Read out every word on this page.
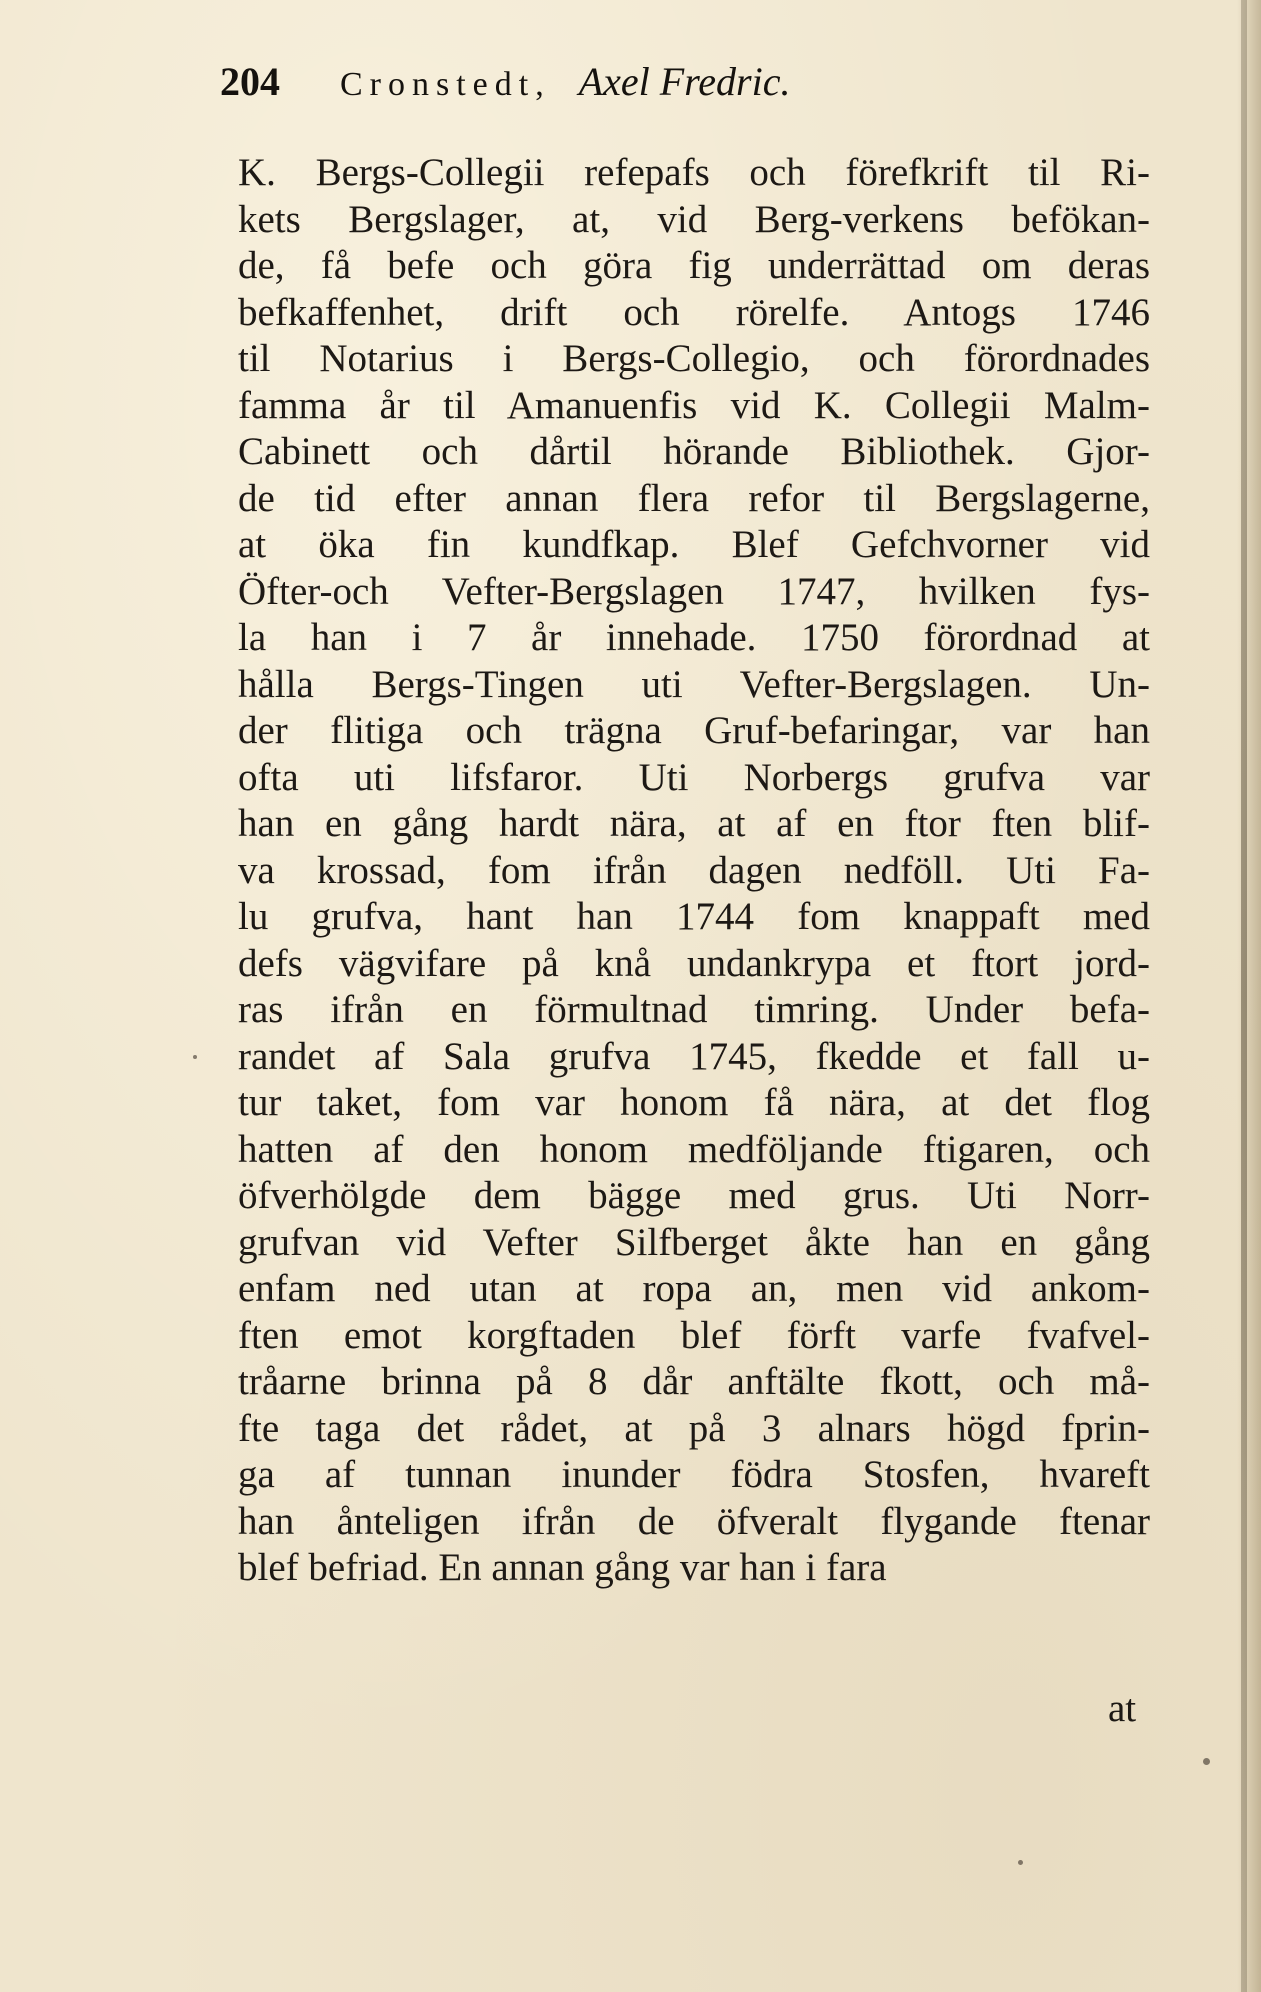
204 Cronstedt, Axel Fredric.
K. Bergs-Collegii refepafs och förefkrift til Ri-
kets Bergslager, at, vid Berg-verkens befökan-
de, få befe och göra fig underrättad om deras
befkaffenhet, drift och rörelfe. Antogs 1746
til Notarius i Bergs-Collegio, och förordnades
famma år til Amanuenfis vid K. Collegii Malm-
Cabinett och dårtil hörande Bibliothek. Gjor-
de tid efter annan flera refor til Bergslagerne,
at öka fin kundfkap. Blef Gefchvorner vid
Öfter-och Vefter-Bergslagen 1747, hvilken fys-
la han i 7 år innehade. 1750 förordnad at
hålla Bergs-Tingen uti Vefter-Bergslagen. Un-
der flitiga och trägna Gruf-befaringar, var han
ofta uti lifsfaror. Uti Norbergs grufva var
han en gång hardt nära, at af en ftor ften blif-
va krossad, fom ifrån dagen nedföll. Uti Fa-
lu grufva, hant han 1744 fom knappaft med
defs vägvifare på knå undankrypa et ftort jord-
ras ifrån en förmultnad timring. Under befa-
randet af Sala grufva 1745, fkedde et fall u-
tur taket, fom var honom få nära, at det flog
hatten af den honom medföljande ftigaren, och
öfverhölgde dem bägge med grus. Uti Norr-
grufvan vid Vefter Silfberget åkte han en gång
enfam ned utan at ropa an, men vid ankom-
ften emot korgftaden blef förft varfe fvafvel-
tråarne brinna på 8 dår anftälte fkott, och må-
fte taga det rådet, at på 3 alnars högd fprin-
ga af tunnan inunder födra Stosfen, hvareft
han ånteligen ifrån de öfveralt flygande ftenar
blef befriad. En annan gång var han i fara
at
